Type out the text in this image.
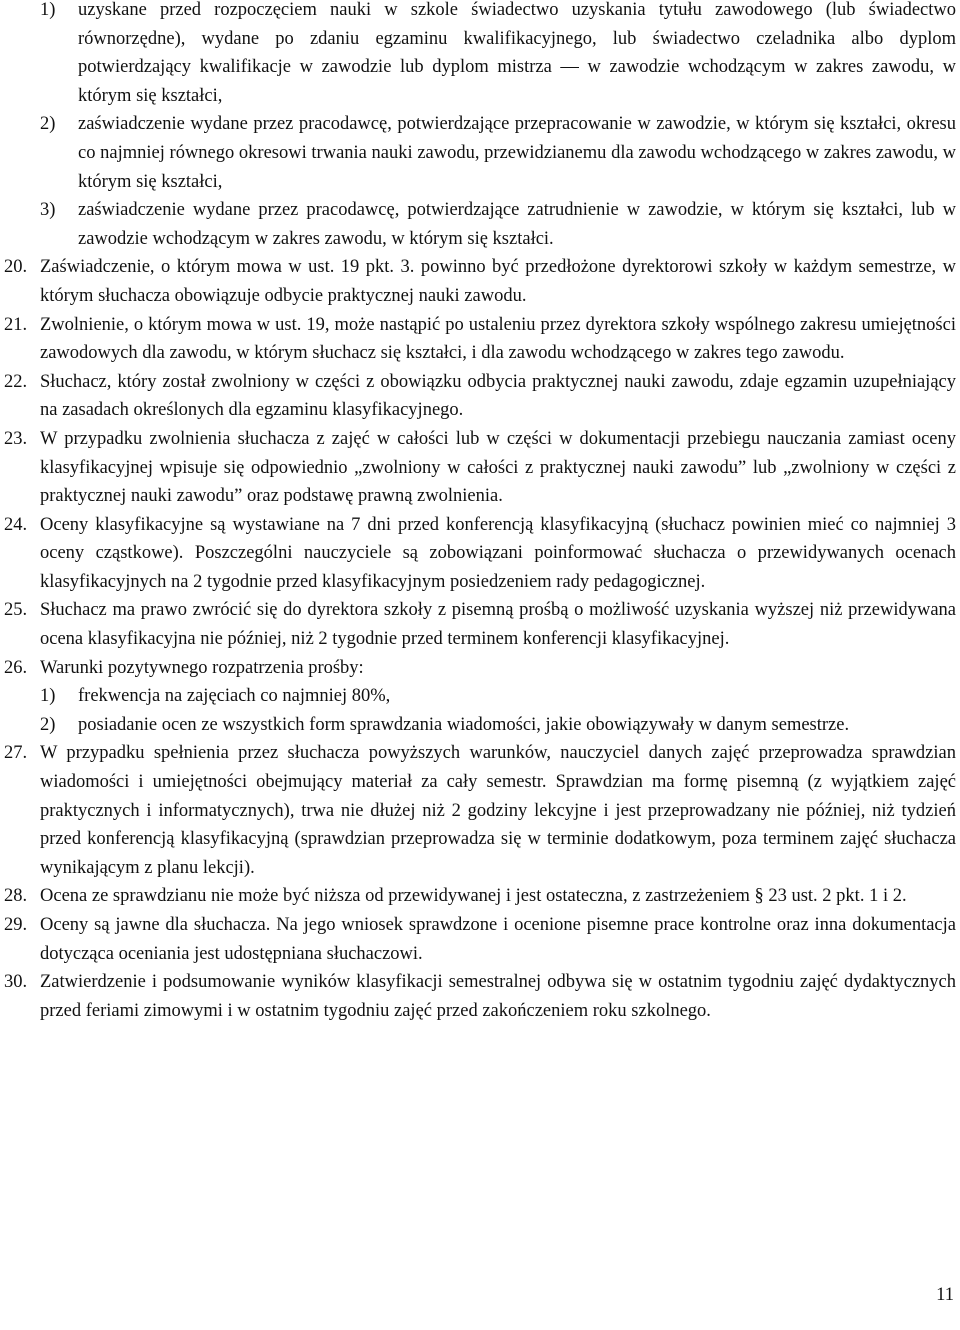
1) uzyskane przed rozpoczęciem nauki w szkole świadectwo uzyskania tytułu zawodowego (lub świadectwo równorzędne), wydane po zdaniu egzaminu kwalifikacyjnego, lub świadectwo czeladnika albo dyplom potwierdzający kwalifikacje w zawodzie lub dyplom mistrza — w zawodzie wchodzącym w zakres zawodu, w którym się kształci,
2) zaświadczenie wydane przez pracodawcę, potwierdzające przepracowanie w zawodzie, w którym się kształci, okresu co najmniej równego okresowi trwania nauki zawodu, przewidzianemu dla zawodu wchodzącego w zakres zawodu, w którym się kształci,
3) zaświadczenie wydane przez pracodawcę, potwierdzające zatrudnienie w zawodzie, w którym się kształci, lub w zawodzie wchodzącym w zakres zawodu, w którym się kształci.
20. Zaświadczenie, o którym mowa w ust. 19 pkt. 3. powinno być przedłożone dyrektorowi szkoły w każdym semestrze, w którym słuchacza obowiązuje odbycie praktycznej nauki zawodu.
21. Zwolnienie, o którym mowa w ust. 19, może nastąpić po ustaleniu przez dyrektora szkoły wspólnego zakresu umiejętności zawodowych dla zawodu, w którym słuchacz się kształci, i dla zawodu wchodzącego w zakres tego zawodu.
22. Słuchacz, który został zwolniony w części z obowiązku odbycia praktycznej nauki zawodu, zdaje egzamin uzupełniający na zasadach określonych dla egzaminu klasyfikacyjnego.
23. W przypadku zwolnienia słuchacza z zajęć w całości lub w części w dokumentacji przebiegu nauczania zamiast oceny klasyfikacyjnej wpisuje się odpowiednio „zwolniony w całości z praktycznej nauki zawodu” lub „zwolniony w części z praktycznej nauki zawodu” oraz podstawę prawną zwolnienia.
24. Oceny klasyfikacyjne są wystawiane na 7 dni przed konferencją klasyfikacyjną (słuchacz powinien mieć co najmniej 3 oceny cząstkowe). Poszczególni nauczyciele są zobowiązani poinformować słuchacza o przewidywanych ocenach klasyfikacyjnych na 2 tygodnie przed klasyfikacyjnym posiedzeniem rady pedagogicznej.
25. Słuchacz ma prawo zwrócić się do dyrektora szkoły z pisemną prośbą o możliwość uzyskania wyższej niż przewidywana ocena klasyfikacyjna nie później, niż 2 tygodnie przed terminem konferencji klasyfikacyjnej.
26. Warunki pozytywnego rozpatrzenia prośby:
1) frekwencja na zajęciach co najmniej 80%,
2) posiadanie ocen ze wszystkich form sprawdzania wiadomości, jakie obowiązywały w danym semestrze.
27. W przypadku spełnienia przez słuchacza powyższych warunków, nauczyciel danych zajęć przeprowadza sprawdzian wiadomości i umiejętności obejmujący materiał za cały semestr. Sprawdzian ma formę pisemną (z wyjątkiem zajęć praktycznych i informatycznych), trwa nie dłużej niż 2 godziny lekcyjne i jest przeprowadzany nie później, niż tydzień przed konferencją klasyfikacyjną (sprawdzian przeprowadza się w terminie dodatkowym, poza terminem zajęć słuchacza wynikającym z planu lekcji).
28. Ocena ze sprawdzianu nie może być niższa od przewidywanej i jest ostateczna, z zastrzeżeniem § 23 ust. 2 pkt. 1 i 2.
29. Oceny są jawne dla słuchacza. Na jego wniosek sprawdzone i ocenione pisemne prace kontrolne oraz inna dokumentacja dotycząca oceniania jest udostępniana słuchaczowi.
30. Zatwierdzenie i podsumowanie wyników klasyfikacji semestralnej odbywa się w ostatnim tygodniu zajęć dydaktycznych przed feriami zimowymi i w ostatnim tygodniu zajęć przed zakończeniem roku szkolnego.
11
